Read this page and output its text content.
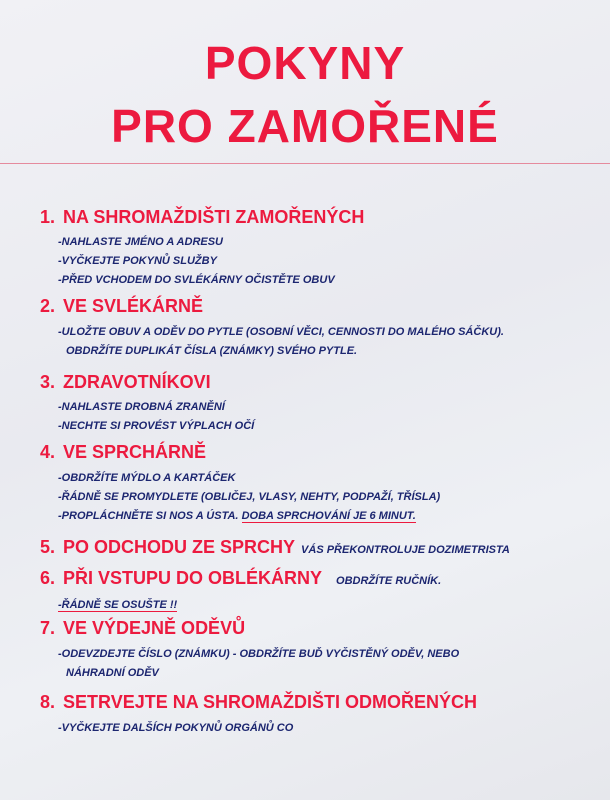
POKYNY
PRO ZAMOŘENÉ
1. NA SHROMAŽDIŠTI ZAMOŘENÝCH
-NAHLASTE JMÉNO A ADRESU
-VYČKEJTE POKYNŮ SLUŽBY
-PŘED VCHODEM DO SVLÉKÁRNY OČISTĚTE OBUV
2. VE SVLÉKÁRNĚ
-ULOŽTE OBUV A ODĚV DO PYTLE (OSOBNÍ VĚCI, CENNOSTI DO MALÉHO SÁČKU).
OBDRŽÍTE DUPLIKÁT ČÍSLA (ZNÁMKY) SVÉHO PYTLE.
3. ZDRAVOTNÍKOVI
-NAHLASTE DROBNÁ ZRANĚNÍ
-NECHTE SI PROVÉST VÝPLACH OČÍ
4. VE SPRCHÁRNĚ
-OBDRŽÍTE MÝDLO A KARTÁČEK
-ŘÁDNĚ SE PROMYDLETE (OBLIČEJ, VLASY, NEHTY, PODPAŽÍ, TŘÍSLA)
-PROPLÁCHNĚTE SI NOS A ÚSTA. DOBA SPRCHOVÁNÍ JE 6 MINUT.
5. PO ODCHODU ZE SPRCHY VÁS PŘEKONTROLUJE DOZIMETRISTA
6. PŘI VSTUPU DO OBLÉKÁRNY OBDRŽÍTE RUČNÍK.
-ŘÁDNĚ SE OSUŠTE !!
7. VE VÝDEJNĚ ODĚVŮ
-ODEVZDEJTE ČÍSLO (ZNÁMKU) - OBDRŽÍTE BUĎ VYČISTĚNÝ ODĚV, NEBO
NÁHRADNÍ ODĚV
8. SETRVEJTE NA SHROMAŽDIŠTI ODMOŘENÝCH
-VYČKEJTE DALŠÍCH POKYNŮ ORGÁNŮ CO
